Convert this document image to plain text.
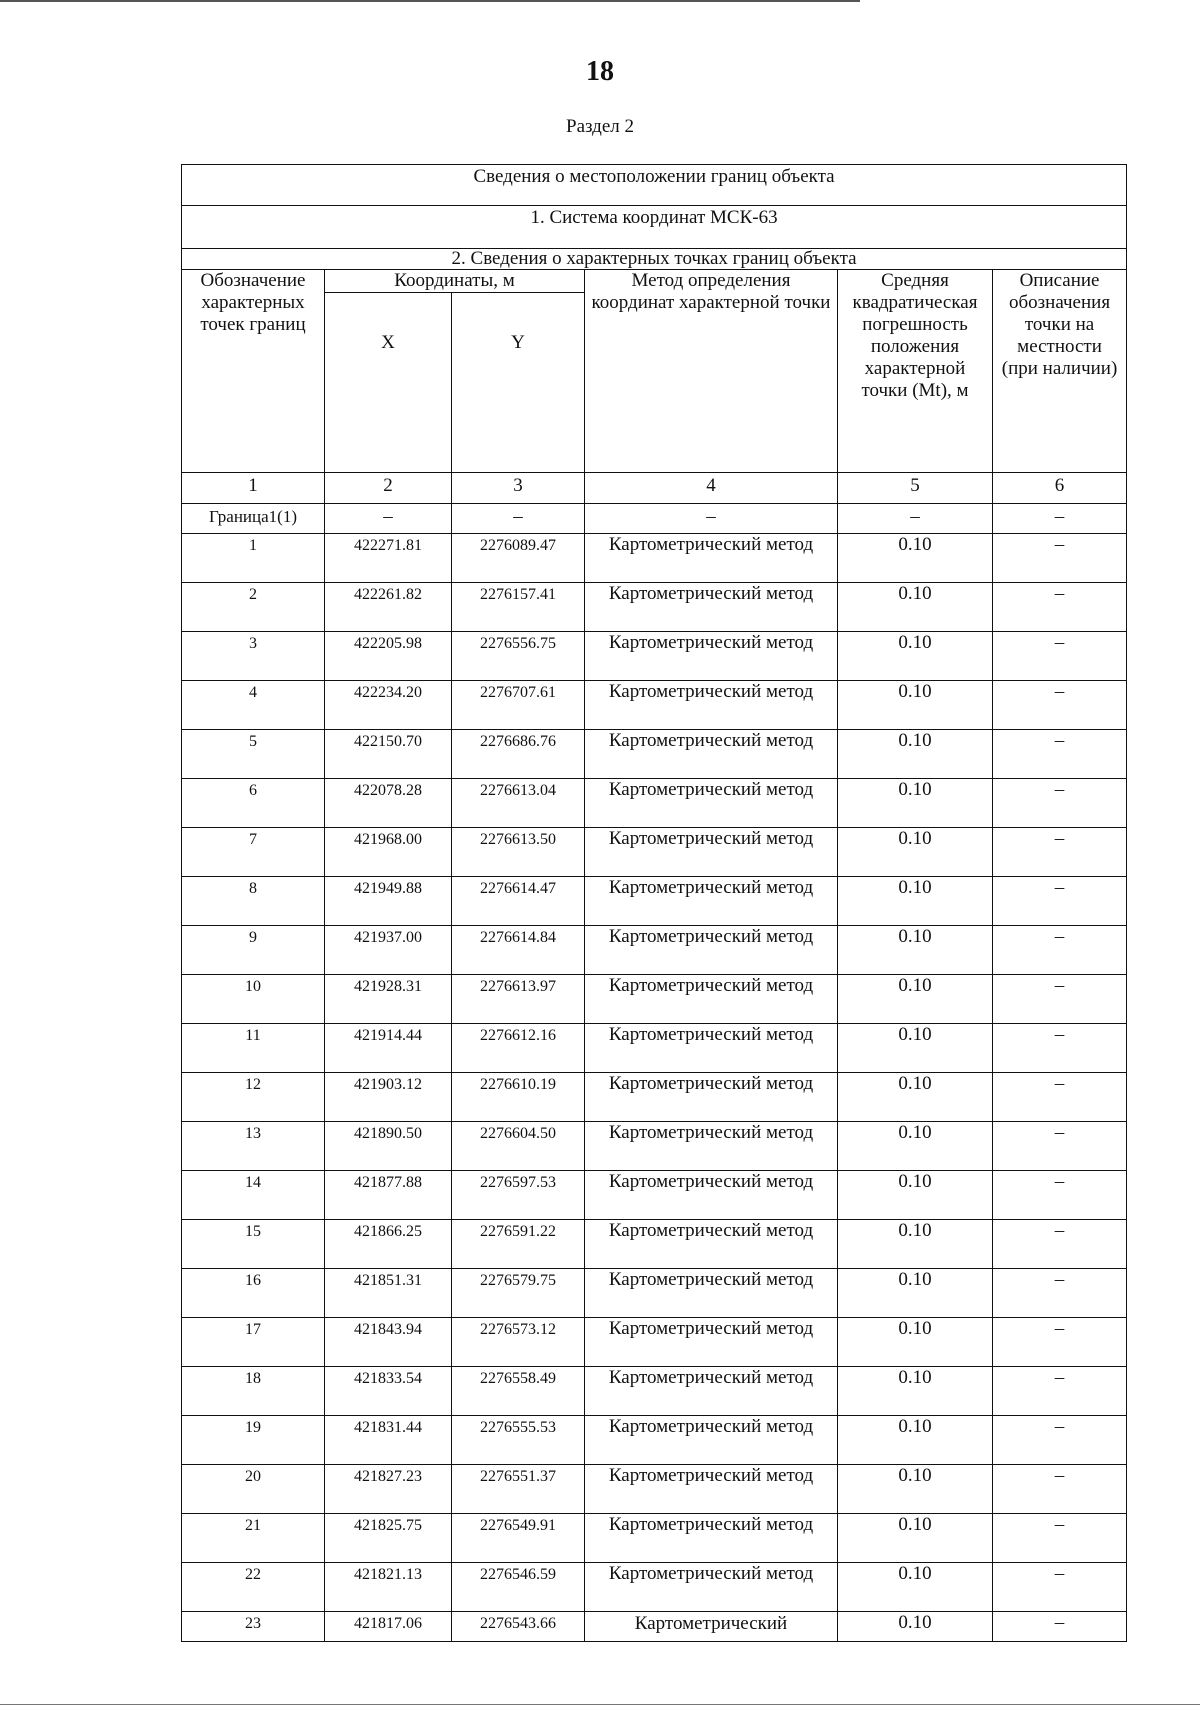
18
Раздел 2
Сведения о местоположении границ объекта					
1. Система координат МСК-63					
2. Сведения о характерных точках границ объекта					
Обозначение характерных точек границ	Координаты, м		Метод определения координат характерной точки	Средняя квадратическая погрешность положения характерной точки (Mt), м	Описание обозначения точки на местности (при наличии)
	X	Y			
1	2	3	4	5	6
Граница1(1)	–	–	–	–	–
1	422271.81	2276089.47	Картометрический метод	0.10	–
2	422261.82	2276157.41	Картометрический метод	0.10	–
3	422205.98	2276556.75	Картометрический метод	0.10	–
4	422234.20	2276707.61	Картометрический метод	0.10	–
5	422150.70	2276686.76	Картометрический метод	0.10	–
6	422078.28	2276613.04	Картометрический метод	0.10	–
7	421968.00	2276613.50	Картометрический метод	0.10	–
8	421949.88	2276614.47	Картометрический метод	0.10	–
9	421937.00	2276614.84	Картометрический метод	0.10	–
10	421928.31	2276613.97	Картометрический метод	0.10	–
11	421914.44	2276612.16	Картометрический метод	0.10	–
12	421903.12	2276610.19	Картометрический метод	0.10	–
13	421890.50	2276604.50	Картометрический метод	0.10	–
14	421877.88	2276597.53	Картометрический метод	0.10	–
15	421866.25	2276591.22	Картометрический метод	0.10	–
16	421851.31	2276579.75	Картометрический метод	0.10	–
17	421843.94	2276573.12	Картометрический метод	0.10	–
18	421833.54	2276558.49	Картометрический метод	0.10	–
19	421831.44	2276555.53	Картометрический метод	0.10	–
20	421827.23	2276551.37	Картометрический метод	0.10	–
21	421825.75	2276549.91	Картометрический метод	0.10	–
22	421821.13	2276546.59	Картометрический метод	0.10	–
23	421817.06	2276543.66	Картометрический	0.10	–
